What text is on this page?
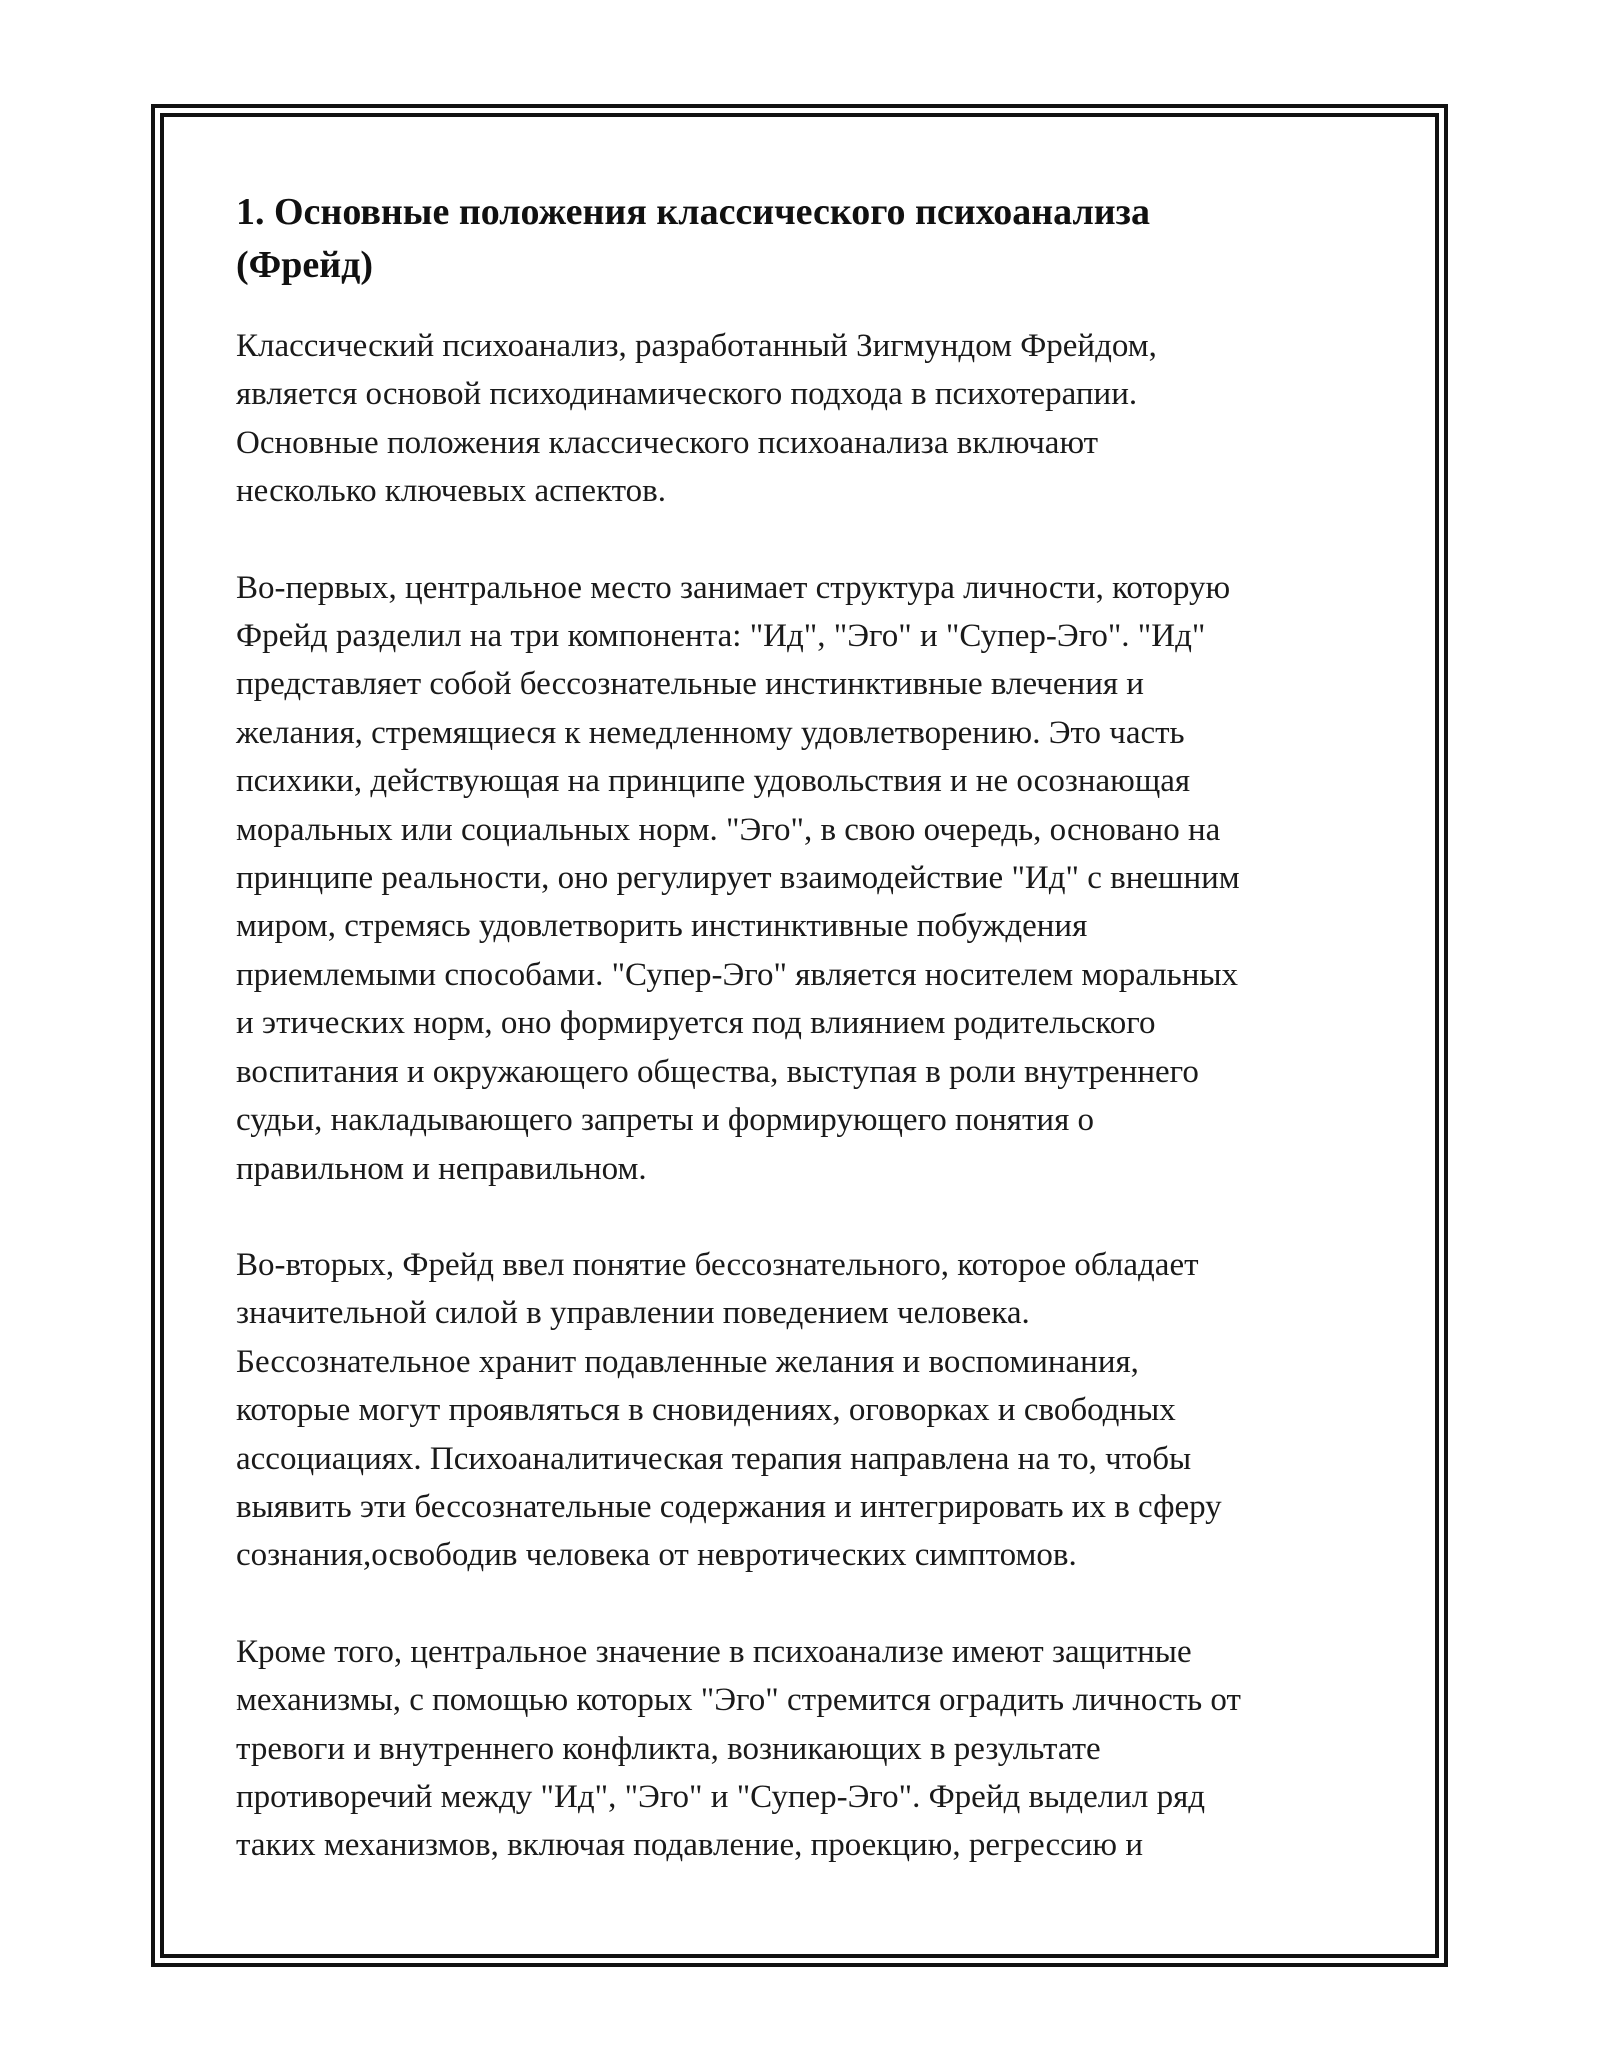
1. Основные положения классического психоанализа
(Фрейд)
Классический психоанализ, разработанный Зигмундом Фрейдом,
является основой психодинамического подхода в психотерапии.
Основные положения классического психоанализа включают
несколько ключевых аспектов.
Во-первых, центральное место занимает структура личности, которую
Фрейд разделил на три компонента: "Ид", "Эго" и "Супер-Эго". "Ид"
представляет собой бессознательные инстинктивные влечения и
желания, стремящиеся к немедленному удовлетворению. Это часть
психики, действующая на принципе удовольствия и не осознающая
моральных или социальных норм. "Эго", в свою очередь, основано на
принципе реальности, оно регулирует взаимодействие "Ид" с внешним
миром, стремясь удовлетворить инстинктивные побуждения
приемлемыми способами. "Супер-Эго" является носителем моральных
и этических норм, оно формируется под влиянием родительского
воспитания и окружающего общества, выступая в роли внутреннего
судьи, накладывающего запреты и формирующего понятия о
правильном и неправильном.
Во-вторых, Фрейд ввел понятие бессознательного, которое обладает
значительной силой в управлении поведением человека.
Бессознательное хранит подавленные желания и воспоминания,
которые могут проявляться в сновидениях, оговорках и свободных
ассоциациях. Психоаналитическая терапия направлена на то, чтобы
выявить эти бессознательные содержания и интегрировать их в сферу
сознания,освободив человека от невротических симптомов.
Кроме того, центральное значение в психоанализе имеют защитные
механизмы, с помощью которых "Эго" стремится оградить личность от
тревоги и внутреннего конфликта, возникающих в результате
противоречий между "Ид", "Эго" и "Супер-Эго". Фрейд выделил ряд
таких механизмов, включая подавление, проекцию, регрессию и
